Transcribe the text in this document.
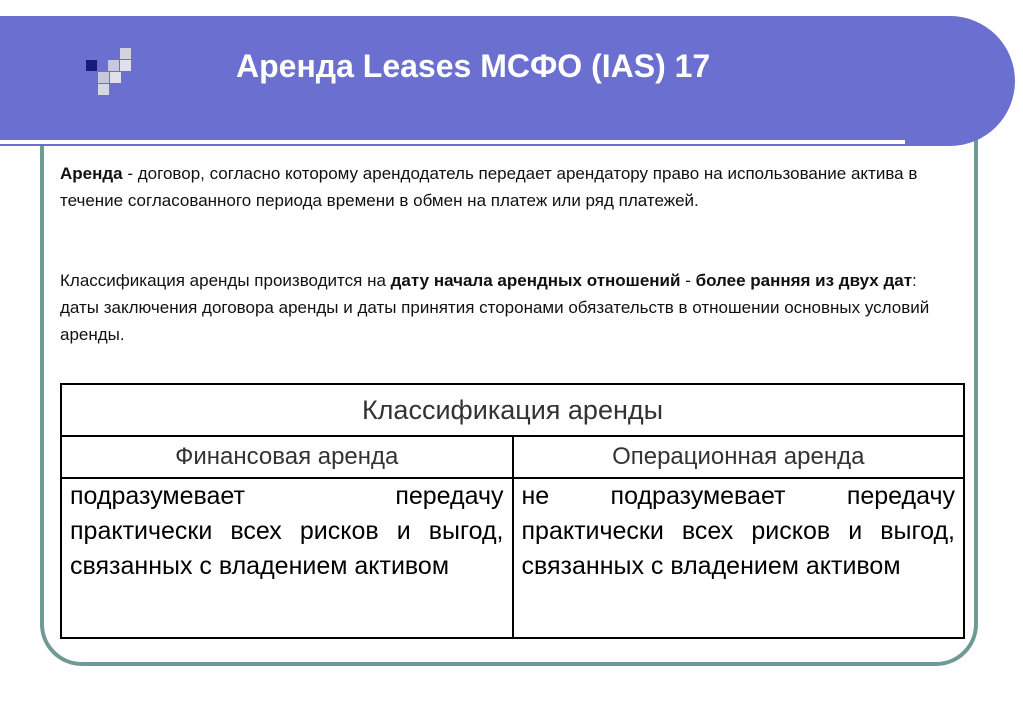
Аренда Leases МСФО (IAS) 17

Аренда - договор, согласно которому арендодатель передает арендатору право на использование актива в течение согласованного периода времени в обмен на платеж или ряд платежей.

Классификация аренды производится на дату начала арендных отношений - более ранняя из двух дат: даты заключения договора аренды и даты принятия сторонами обязательств в отношении основных условий аренды.

Классификация аренды	
Финансовая аренда	Операционная аренда
подразумевает передачу практически всех рисков и выгод, связанных с владением активом	не подразумевает передачу практически всех рисков и выгод, связанных с владением активом
